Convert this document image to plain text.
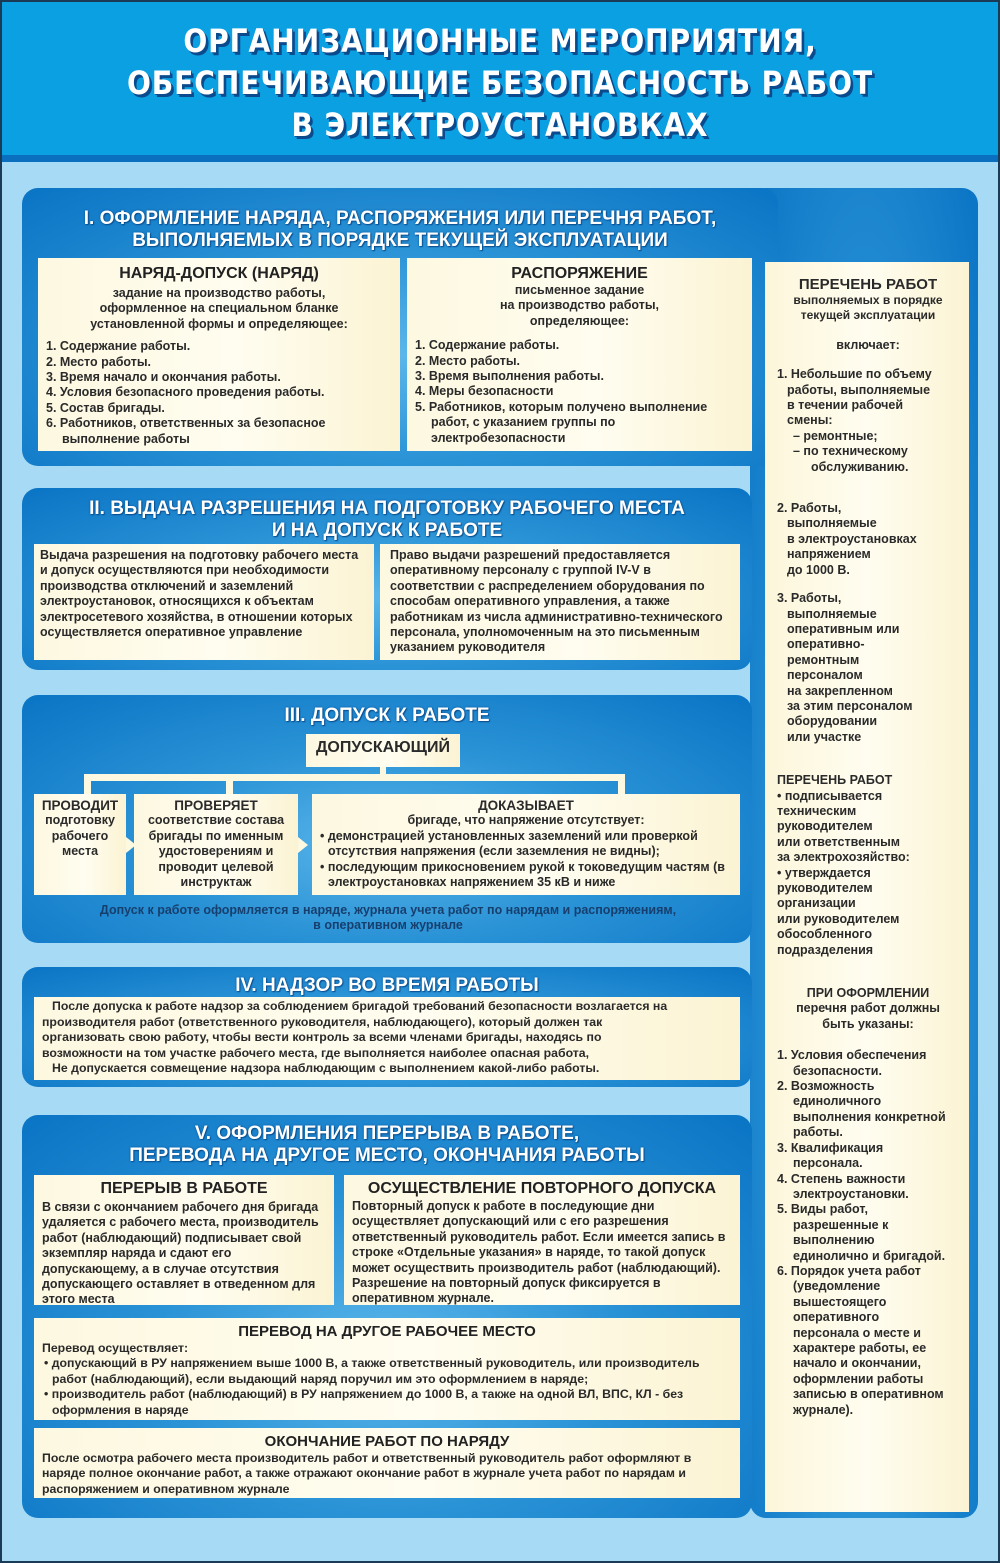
ОРГАНИЗАЦИОННЫЕ МЕРОПРИЯТИЯ,
ОБЕСПЕЧИВАЮЩИЕ БЕЗОПАСНОСТЬ РАБОТ
В ЭЛЕКТРОУСТАНОВКАХ
I. ОФОРМЛЕНИЕ НАРЯДА, РАСПОРЯЖЕНИЯ ИЛИ ПЕРЕЧНЯ РАБОТ,
ВЫПОЛНЯЕМЫХ В ПОРЯДКЕ ТЕКУЩЕЙ ЭКСПЛУАТАЦИИ
НАРЯД-ДОПУСК (НАРЯД)
задание на производство работы,
оформленное на специальном бланке
установленной формы и определяющее:
1. Содержание работы.
2. Место работы.
3. Время начало и окончания работы.
4. Условия безопасного проведения работы.
5. Состав бригады.
6. Работников, ответственных за безопасное выполнение работы
РАСПОРЯЖЕНИЕ
письменное задание
на производство работы,
определяющее:
1. Содержание работы.
2. Место работы.
3. Время выполнения работы.
4. Меры безопасности
5. Работников, которым получено выполнение работ, с указанием группы по электробезопасности
ПЕРЕЧЕНЬ РАБОТ
выполняемых в порядке
текущей эксплуатации
включает:
1. Небольшие по объему
работы, выполняемые
в течении рабочей
смены:
– ремонтные;
– по техническому
обслуживанию.
2. Работы,
выполняемые
в электроустановках
напряжением
до 1000 В.
3. Работы,
выполняемые
оперативным или
оперативно-
ремонтным
персоналом
на закрепленном
за этим персоналом
оборудовании
или участке
ПЕРЕЧЕНЬ РАБОТ
• подписывается
техническим
руководителем
или ответственным
за электрохозяйство:
• утверждается
руководителем
организации
или руководителем
обособленного
подразделения
ПРИ ОФОРМЛЕНИИ
перечня работ должны
быть указаны:
1. Условия обеспечения безопасности.
2. Возможность единоличного выполнения конкретной работы.
3. Квалификация персонала.
4. Степень важности электроустановки.
5. Виды работ, разрешенные к выполнению единолично и бригадой.
6. Порядок учета работ (уведомление вышестоящего оперативного персонала о месте и характере работы, ее начало и окончании, оформлении работы записью в оперативном журнале).
II. ВЫДАЧА РАЗРЕШЕНИЯ НА ПОДГОТОВКУ РАБОЧЕГО МЕСТА
И НА ДОПУСК К РАБОТЕ
Выдача разрешения на подготовку рабочего места и допуск осуществляются при необходимости производства отключений и заземлений электроустановок, относящихся к объектам электросетевого хозяйства, в отношении которых осуществляется оперативное управление
Право выдачи разрешений предоставляется оперативному персоналу с группой IV-V в соответствии с распределением оборудования по способам оперативного управления, а также работникам из числа административно-технического персонала, уполномоченным на это письменным указанием руководителя
III. ДОПУСК К РАБОТЕ
ДОПУСКАЮЩИЙ
ПРОВОДИТ
подготовку рабочего места
ПРОВЕРЯЕТ
соответствие состава бригады по именным удостоверениям и проводит целевой инструктаж
ДОКАЗЫВАЕТ
бригаде, что напряжение отсутствует:
• демонстрацией установленных заземлений или проверкой отсутствия напряжения (если заземления не видны);
• последующим прикосновением рукой к токоведущим частям (в электроустановках напряжением 35 кВ и ниже
Допуск к работе оформляется в наряде, журнала учета работ по нарядам и распоряжениям,
в оперативном журнале
IV. НАДЗОР ВО ВРЕМЯ РАБОТЫ
После допуска к работе надзор за соблюдением бригадой требований безопасности возлагается на
производителя работ (ответственного руководителя, наблюдающего), который должен так
организовать свою работу, чтобы вести контроль за всеми членами бригады, находясь по
возможности на том участке рабочего места, где выполняется наиболее опасная работа,
Не допускается совмещение надзора наблюдающим с выполнением какой-либо работы.
V. ОФОРМЛЕНИЯ ПЕРЕРЫВА В РАБОТЕ,
ПЕРЕВОДА НА ДРУГОЕ МЕСТО, ОКОНЧАНИЯ РАБОТЫ
ПЕРЕРЫВ В РАБОТЕ
В связи с окончанием рабочего дня бригада удаляется с рабочего места, производитель работ (наблюдающий) подписывает свой экземпляр наряда и сдают его допускающему, а в случае отсутствия допускающего оставляет в отведенном для этого места
ОСУЩЕСТВЛЕНИЕ ПОВТОРНОГО ДОПУСКА
Повторный допуск к работе в последующие дни осуществляет допускающий или с его разрешения ответственный руководитель работ. Если имеется запись в строке «Отдельные указания» в наряде, то такой допуск может осуществить производитель работ (наблюдающий). Разрешение на повторный допуск фиксируется в оперативном журнале.
ПЕРЕВОД НА ДРУГОЕ РАБОЧЕЕ МЕСТО
Перевод осуществляет:
• допускающий в РУ напряжением выше 1000 В, а также ответственный руководитель, или производитель работ (наблюдающий), если выдающий наряд поручил им это оформлением в наряде;
• производитель работ (наблюдающий) в РУ напряжением до 1000 В, а также на одной ВЛ, ВПС, КЛ - без оформления в наряде
ОКОНЧАНИЕ РАБОТ ПО НАРЯДУ
После осмотра рабочего места производитель работ и ответственный руководитель работ оформляют в наряде полное окончание работ, а также отражают окончание работ в журнале учета работ по нарядам и распоряжением и оперативном журнале
